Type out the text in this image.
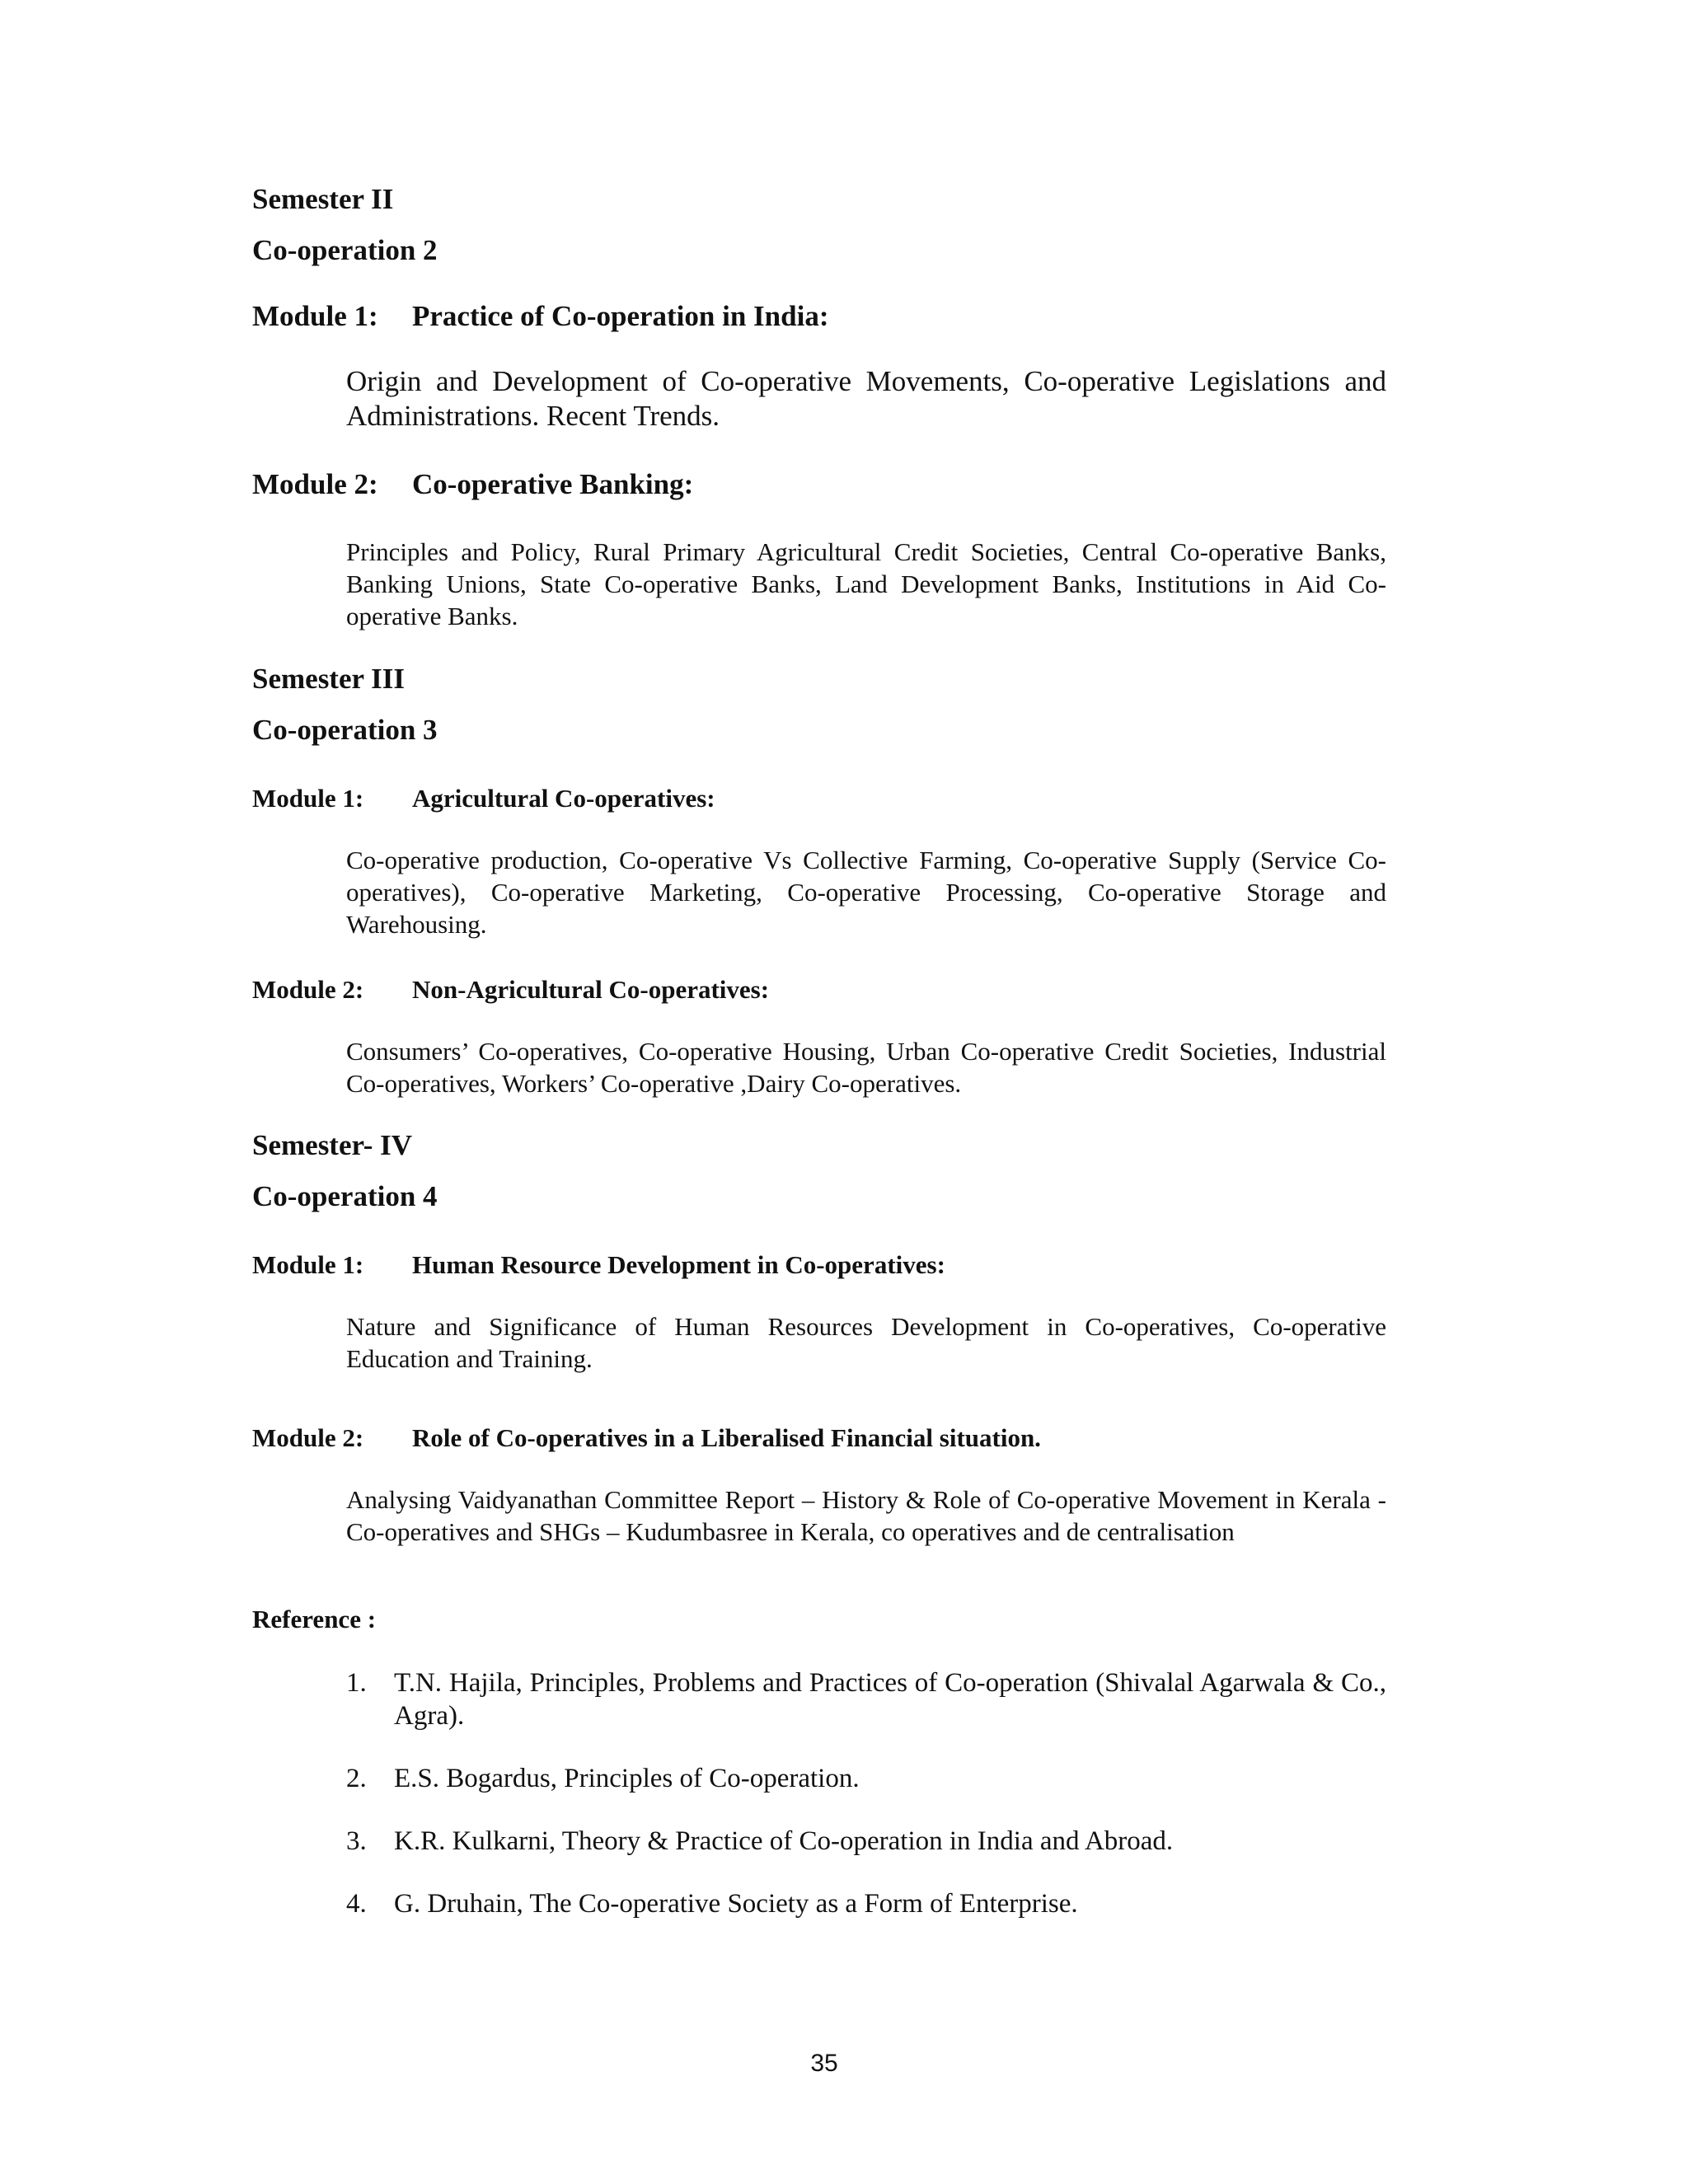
Semester II
Co-operation 2
Module 1: Practice of Co-operation in India:
Origin and Development of Co-operative Movements, Co-operative Legislations and Administrations. Recent Trends.
Module 2: Co-operative Banking:
Principles and Policy, Rural Primary Agricultural Credit Societies, Central Co-operative Banks, Banking Unions, State Co-operative Banks, Land Development Banks, Institutions in Aid Co-operative Banks.
Semester III
Co-operation 3
Module 1: Agricultural Co-operatives:
Co-operative production, Co-operative Vs Collective Farming, Co-operative Supply (Service Co-operatives), Co-operative Marketing, Co-operative Processing, Co-operative Storage and Warehousing.
Module 2: Non-Agricultural Co-operatives:
Consumers’ Co-operatives, Co-operative Housing, Urban Co-operative Credit Societies, Industrial Co-operatives, Workers’ Co-operative ,Dairy Co-operatives.
Semester- IV
Co-operation 4
Module 1: Human Resource Development in Co-operatives:
Nature and Significance of Human Resources Development in Co-operatives, Co-operative Education and Training.
Module 2: Role of Co-operatives in a Liberalised Financial situation.
Analysing Vaidyanathan Committee Report – History & Role of Co-operative Movement in Kerala - Co-operatives and SHGs – Kudumbasree in Kerala, co operatives and de centralisation
Reference :
1. T.N. Hajila, Principles, Problems and Practices of Co-operation (Shivalal Agarwala & Co., Agra).
2. E.S. Bogardus, Principles of Co-operation.
3. K.R. Kulkarni, Theory & Practice of Co-operation in India and Abroad.
4. G. Druhain, The Co-operative Society as a Form of Enterprise.
35
